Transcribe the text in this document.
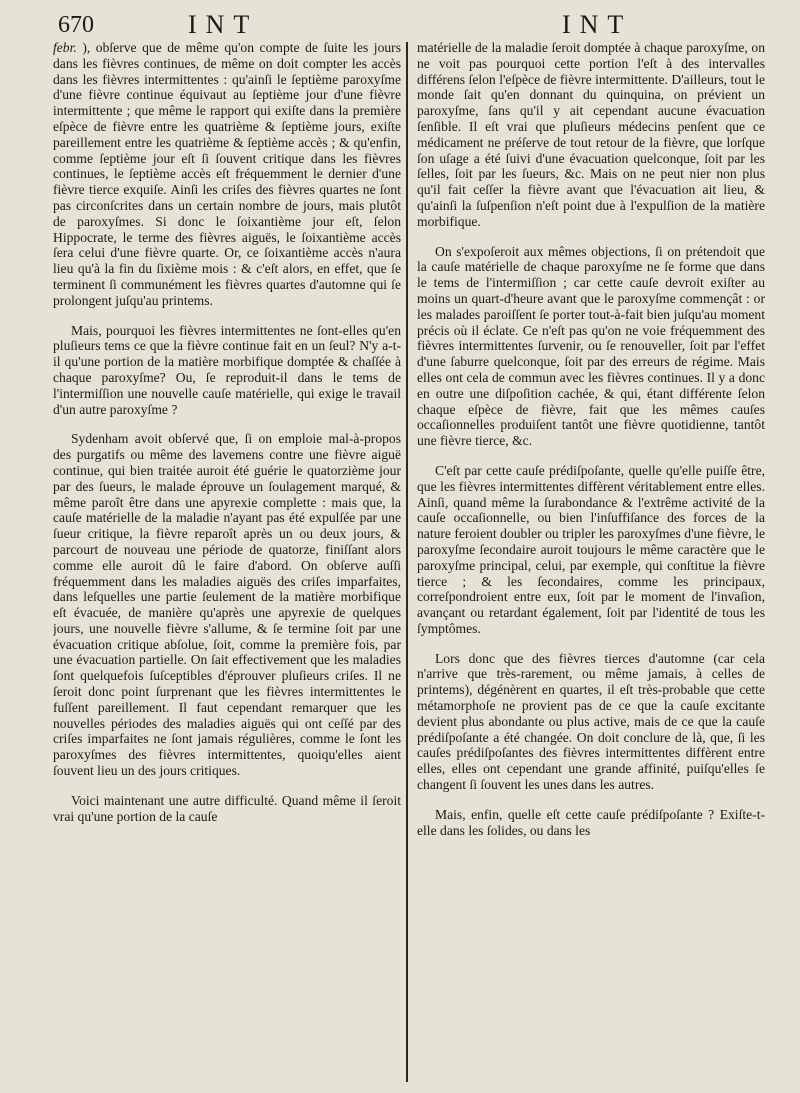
670	INT	INT

febr. ), obſerve que de même qu'on compte de ſuite les jours dans les fièvres continues, de même on doit compter les accès dans les fièvres intermittentes : qu'ainſi le ſeptième paroxyſme d'une fièvre continue équivaut au ſeptième jour d'une fièvre intermittente ; que même le rapport qui exiſte dans la première eſpèce de fièvre entre les quatrième & ſeptième jours, exiſte pareillement entre les quatrième & ſeptième accès ; & qu'enfin, comme ſeptième jour eſt ſi ſouvent critique dans les fièvres continues, le ſeptième accès eſt fréquemment le dernier d'une fièvre tierce exquiſe. Ainſi les criſes des fièvres quartes ne ſont pas circonſcrites dans un certain nombre de jours, mais plutôt de paroxyſmes. Si donc le ſoixantième jour eſt, ſelon Hippocrate, le terme des fièvres aiguës, le ſoixantième accès ſera celui d'une fièvre quarte. Or, ce ſoixantième accès n'aura lieu qu'à la fin du ſixième mois : & c'eſt alors, en effet, que ſe terminent ſi communément les fièvres quartes d'automne qui ſe prolongent juſqu'au printems.

Mais, pourquoi les fièvres intermittentes ne ſont-elles qu'en pluſieurs tems ce que la fièvre continue fait en un ſeul? N'y a-t-il qu'une portion de la matière morbifique domptée & chaſſée à chaque paroxyſme? Ou, ſe reproduit-il dans le tems de l'intermiſſion une nouvelle cauſe matérielle, qui exige le travail d'un autre paroxyſme ?

Sydenham avoit obſervé que, ſi on emploie mal-à-propos des purgatifs ou même des lavemens contre une fièvre aiguë continue, qui bien traitée auroit été guérie le quatorzième jour par des ſueurs, le malade éprouve un ſoulagement marqué, & même paroît être dans une apyrexie complette : mais que, la cauſe matérielle de la maladie n'ayant pas été expulſée par une ſueur critique, la fièvre reparoît après un ou deux jours, & parcourt de nouveau une période de quatorze, finiſſant alors comme elle auroit dû le faire d'abord. On obſerve auſſi fréquemment dans les maladies aiguës des criſes imparfaites, dans leſquelles une partie ſeulement de la matière morbifique eſt évacuée, de manière qu'après une apyrexie de quelques jours, une nouvelle fièvre s'allume, & ſe termine ſoit par une évacuation critique abſolue, ſoit, comme la première fois, par une évacuation partielle. On ſait effectivement que les maladies ſont quelquefois ſuſceptibles d'éprouver pluſieurs criſes. Il ne ſeroit donc point ſurprenant que les fièvres intermittentes le fuſſent pareillement. Il faut cependant remarquer que les nouvelles périodes des maladies aiguës qui ont ceſſé par des criſes imparfaites ne ſont jamais régulières, comme le ſont les paroxyſmes des fièvres intermittentes, quoiqu'elles aient ſouvent lieu un des jours critiques.

Voici maintenant une autre difficulté. Quand même il ſeroit vrai qu'une portion de la cauſe

matérielle de la maladie ſeroit domptée à chaque paroxyſme, on ne voit pas pourquoi cette portion l'eſt à des intervalles différens ſelon l'eſpèce de fièvre intermittente. D'ailleurs, tout le monde ſait qu'en donnant du quinquina, on prévient un paroxyſme, ſans qu'il y ait cependant aucune évacuation ſenſible. Il eſt vrai que pluſieurs médecins penſent que ce médicament ne préſerve de tout retour de la fièvre, que lorſque ſon uſage a été ſuivi d'une évacuation quelconque, ſoit par les ſelles, ſoit par les ſueurs, &c. Mais on ne peut nier non plus qu'il fait ceſſer la fièvre avant que l'évacuation ait lieu, & qu'ainſi la ſuſpenſion n'eſt point due à l'expulſion de la matière morbifique.

On s'expoſeroit aux mêmes objections, ſi on prétendoit que la cauſe matérielle de chaque paroxyſme ne ſe forme que dans le tems de l'intermiſſion ; car cette cauſe devroit exiſter au moins un quart-d'heure avant que le paroxyſme commençât : or les malades paroiſſent ſe porter tout-à-fait bien juſqu'au moment précis où il éclate. Ce n'eſt pas qu'on ne voie fréquemment des fièvres intermittentes ſurvenir, ou ſe renouveller, ſoit par l'effet d'une ſaburre quelconque, ſoit par des erreurs de régime. Mais elles ont cela de commun avec les fièvres continues. Il y a donc en outre une diſpoſition cachée, & qui, étant différente ſelon chaque eſpèce de fièvre, fait que les mêmes cauſes occaſionnelles produiſent tantôt une fièvre quotidienne, tantôt une fièvre tierce, &c.

C'eſt par cette cauſe prédiſpoſante, quelle qu'elle puiſſe être, que les fièvres intermittentes diffèrent véritablement entre elles. Ainſi, quand même la ſurabondance & l'extrême activité de la cauſe occaſionnelle, ou bien l'inſuffiſance des forces de la nature feroient doubler ou tripler les paroxyſmes d'une fièvre, le paroxyſme ſecondaire auroit toujours le même caractère que le paroxyſme principal, celui, par exemple, qui conſtitue la fièvre tierce ; & les ſecondaires, comme les principaux, correſpondroient entre eux, ſoit par le moment de l'invaſion, avançant ou retardant également, ſoit par l'identité de tous les ſymptômes.

Lors donc que des fièvres tierces d'automne (car cela n'arrive que très-rarement, ou même jamais, à celles de printems), dégénèrent en quartes, il eſt très-probable que cette métamorphoſe ne provient pas de ce que la cauſe excitante devient plus abondante ou plus active, mais de ce que la cauſe prédiſpoſante a été changée. On doit conclure de là, que, ſi les cauſes prédiſpoſantes des fièvres intermittentes diffèrent entre elles, elles ont cependant une grande affinité, puiſqu'elles ſe changent ſi ſouvent les unes dans les autres.

Mais, enfin, quelle eſt cette cauſe prédiſpoſante ? Exiſte-t-elle dans les ſolides, ou dans les
